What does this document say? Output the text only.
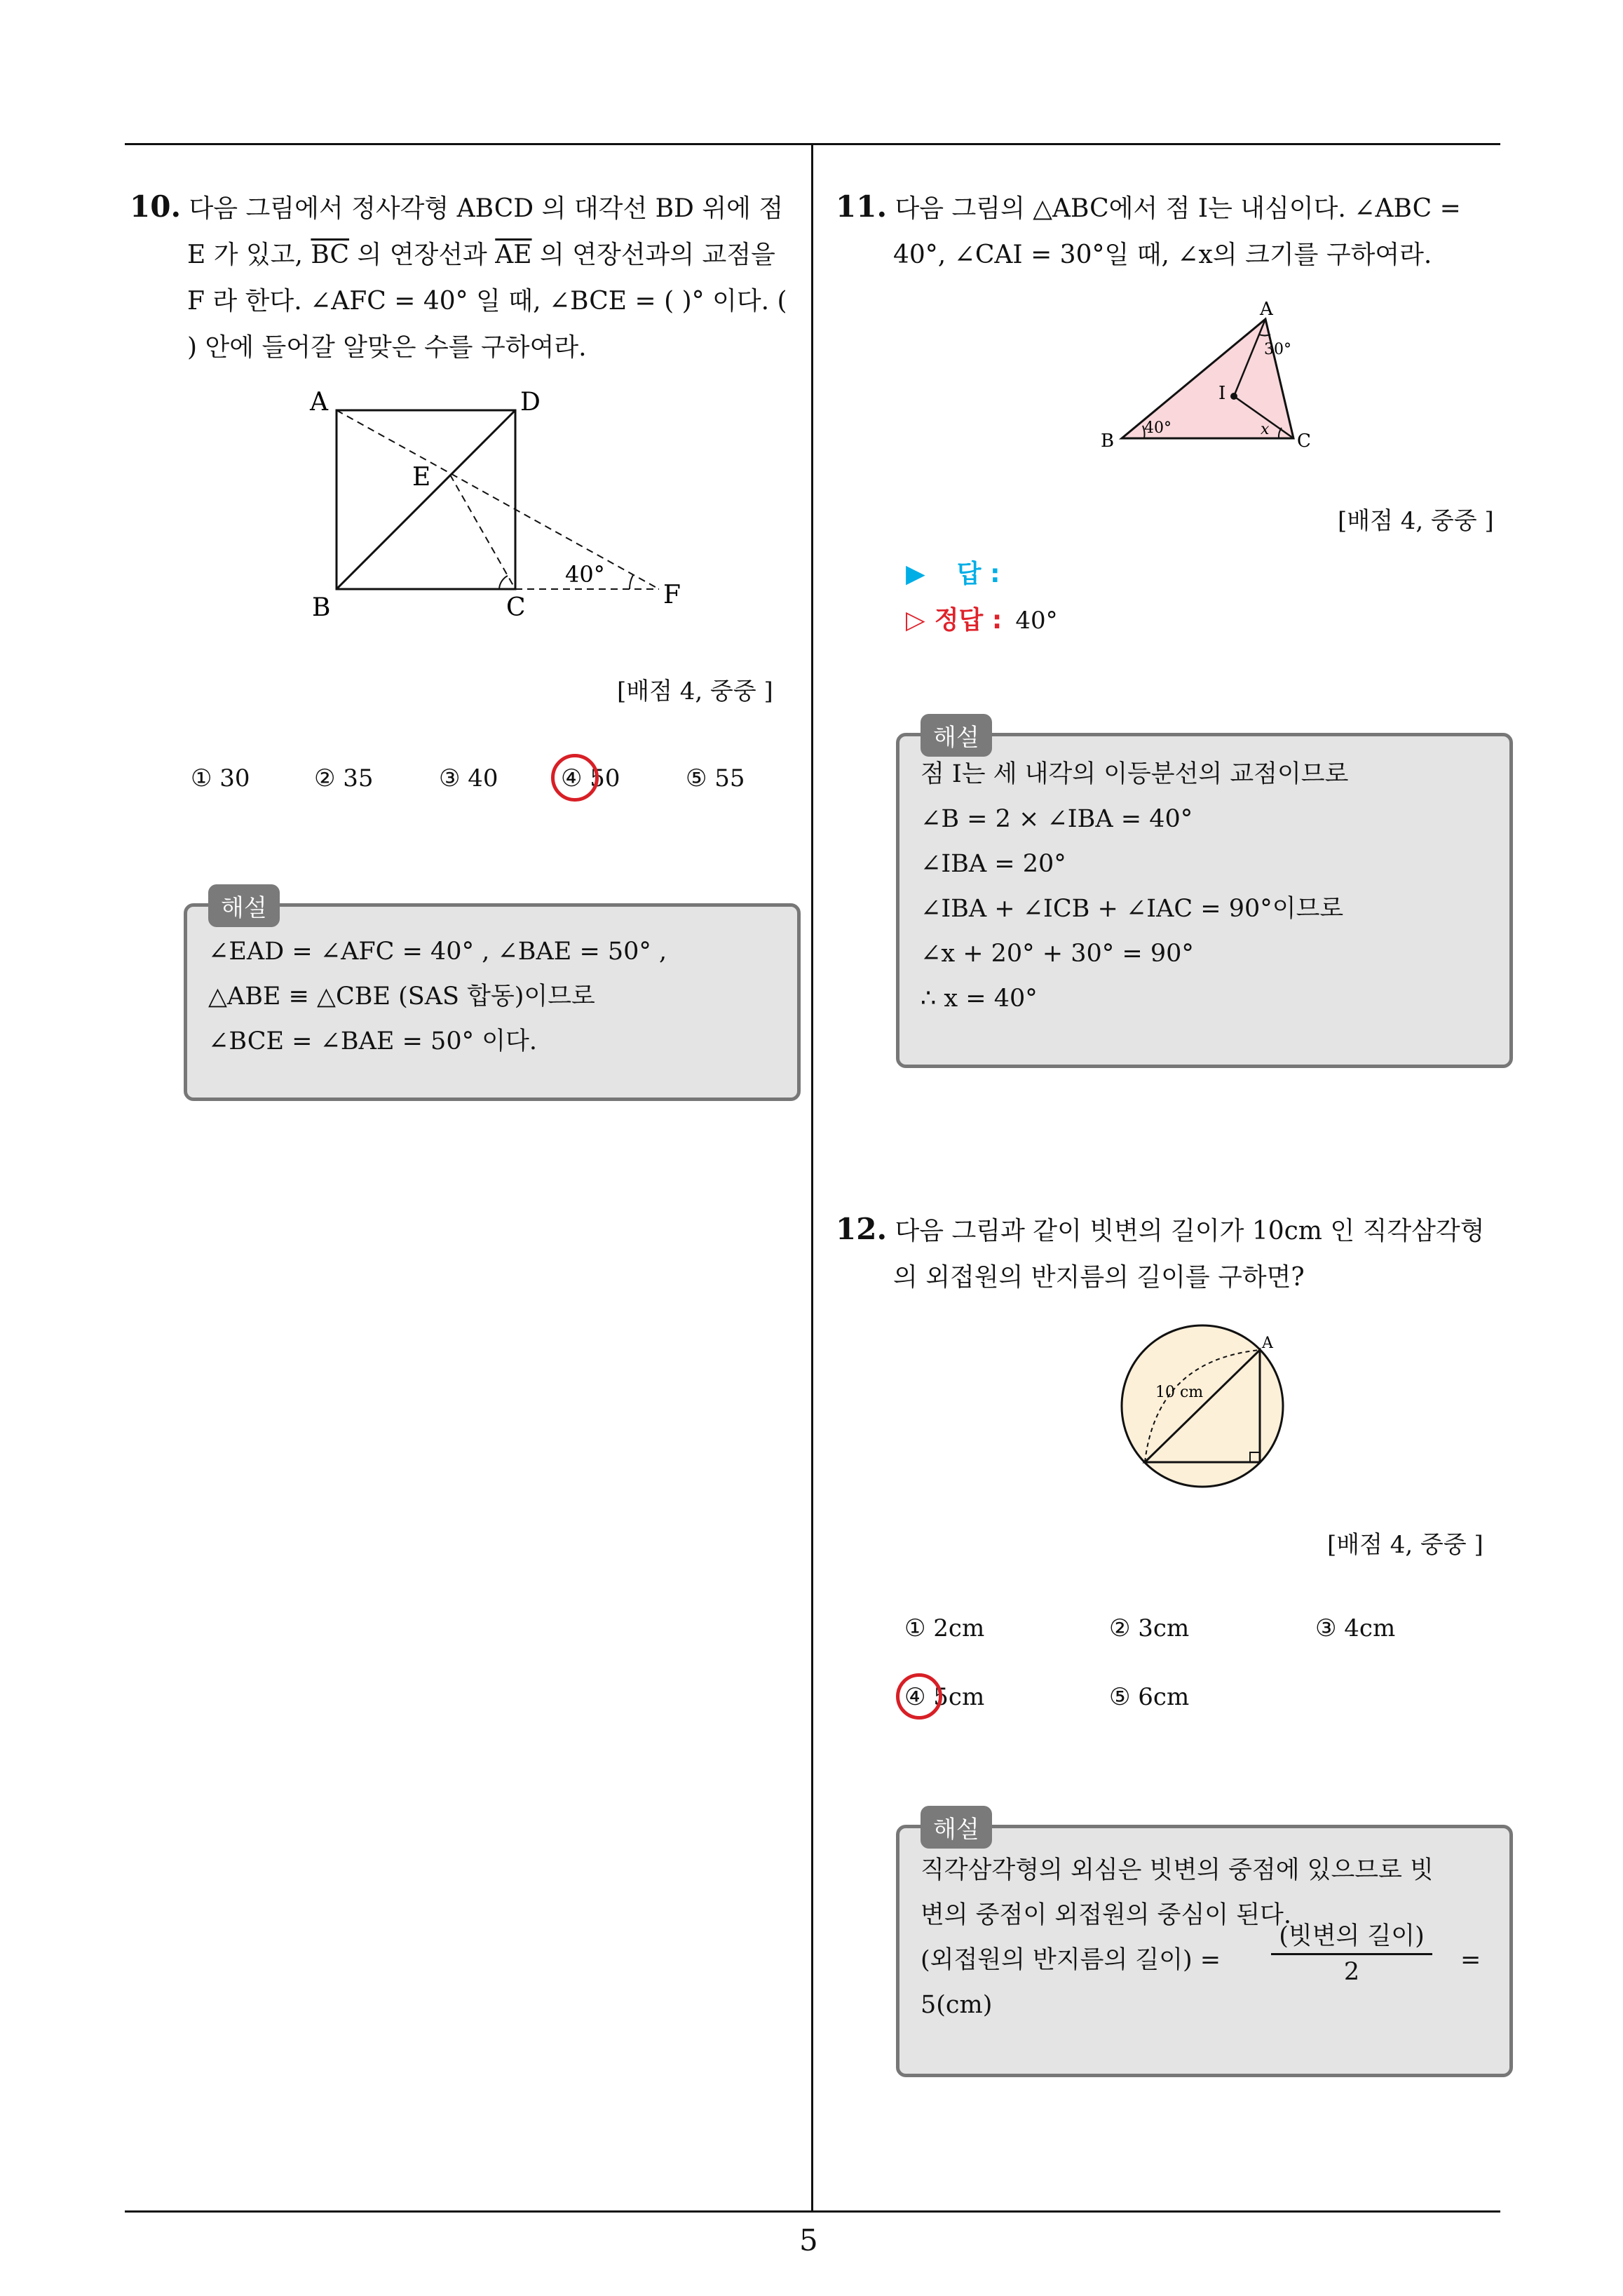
5
10. 다음 그림에서 정사각형 ABCD 의 대각선 BD 위에 점
E 가 있고, $\overline{BC}$ 의 연장선과 $\overline{AE}$ 의 연장선과의 교점을
F 라 한다. ∠AFC = 40° 일 때, ∠BCE = ( )° 이다. (
) 안에 들어갈 알맞은 수를 구하여라.
A	D
E
B	C	F
40°
[배점 4, 중중 ]
① 30	② 35	③ 40	④ 50	⑤ 55
해설
∠EAD = ∠AFC = 40° , ∠BAE = 50° ,
△ABE ≡ △CBE (SAS 합동)이므로
∠BCE = ∠BAE = 50° 이다.
11. 다음 그림의 △ABC에서 점 I는 내심이다. ∠ABC =
40°, ∠CAI = 30°일 때, ∠x의 크기를 구하여라.
A
B	C
I
30°
40°	x
[배점 4, 중중 ]
▶ 답 :
▷ 정답 : 40°
해설
점 I는 세 내각의 이등분선의 교점이므로
∠B = 2 × ∠IBA = 40°
∠IBA = 20°
∠IBA + ∠ICB + ∠IAC = 90°이므로
∠x + 20° + 30° = 90°
∴ x = 40°
12. 다음 그림과 같이 빗변의 길이가 10cm 인 직각삼각형
의 외접원의 반지름의 길이를 구하면?
A
10 cm
[배점 4, 중중 ]
① 2cm	② 3cm	③ 4cm
④ 5cm	⑤ 6cm
해설
직각삼각형의 외심은 빗변의 중점에 있으므로 빗
변의 중점이 외접원의 중심이 된다.
(외접원의 반지름의 길이) =
(빗변의 길이)
2	=
5(cm)
